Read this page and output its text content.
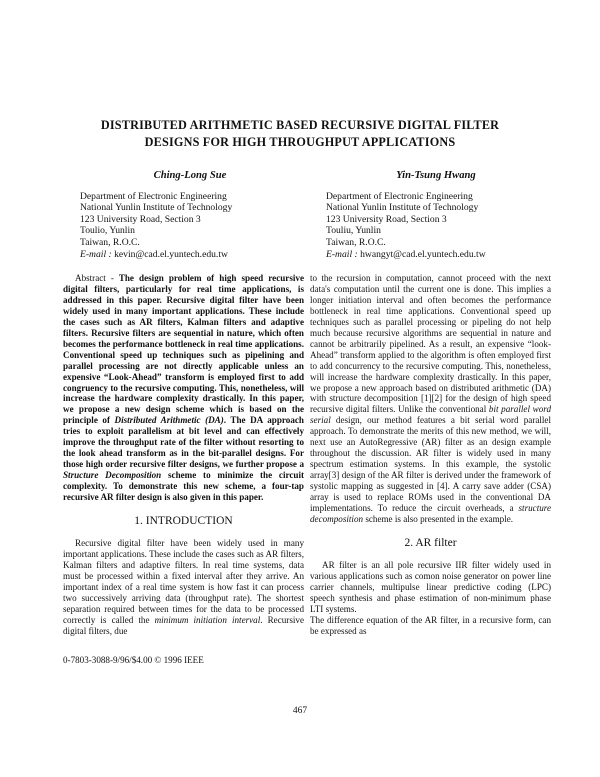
DISTRIBUTED ARITHMETIC BASED RECURSIVE DIGITAL FILTER
DESIGNS FOR HIGH THROUGHPUT APPLICATIONS
Ching-Long Sue
Department of Electronic Engineering
National Yunlin Institute of Technology
123 University Road, Section 3
Toulio, Yunlin
Taiwan, R.O.C.
E-mail : kevin@cad.el.yuntech.edu.tw
Yin-Tsung Hwang
Department of Electronic Engineering
National Yunlin Institute of Technology
123 University Road, Section 3
Touliu, Yunlin
Taiwan, R.O.C.
E-mail : hwangyt@cad.el.yuntech.edu.tw

Abstract - The design problem of high speed recursive digital filters, particularly for real time applications, is addressed in this paper. Recursive digital filter have been widely used in many important applications. These include the cases such as AR filters, Kalman filters and adaptive filters. Recursive filters are sequential in nature, which often becomes the performance bottleneck in real time applications. Conventional speed up techniques such as pipelining and parallel processing are not directly applicable unless an expensive “Look-Ahead” transform is employed first to add congruency to the recursive computing. This, nonetheless, will increase the hardware complexity drastically. In this paper, we propose a new design scheme which is based on the principle of Distributed Arithmetic (DA). The DA approach tries to exploit parallelism at bit level and can effectively improve the throughput rate of the filter without resorting to the look ahead transform as in the bit-parallel designs. For those high order recursive filter designs, we further propose a Structure Decomposition scheme to minimize the circuit complexity. To demonstrate this new scheme, a four-tap recursive AR filter design is also given in this paper.

1. INTRODUCTION

Recursive digital filter have been widely used in many important applications. These include the cases such as AR filters, Kalman filters and adaptive filters. In real time systems, data must be processed within a fixed interval after they arrive. An important index of a real time system is how fast it can process two successively arriving data (throughput rate). The shortest separation required between times for the data to be processed correctly is called the minimum initiation interval. Recursive digital filters, due

to the recursion in computation, cannot proceed with the next data's computation until the current one is done. This implies a longer initiation interval and often becomes the performance bottleneck in real time applications. Conventional speed up techniques such as parallel processing or pipeling do not help much because recursive algorithms are sequential in nature and cannot be arbitrarily pipelined. As a result, an expensive “look-Ahead” transform applied to the algorithm is often employed first to add concurrency to the recursive computing. This, nonetheless, will increase the hardware complexity drastically. In this paper, we propose a new approach based on distributed arithmetic (DA) with structure decomposition [1][2] for the design of high speed recursive digital filters. Unlike the conventional bit parallel word serial design, our method features a bit serial word parallel approach. To demonstrate the merits of this new method, we will, next use an AutoRegressive (AR) filter as an design example throughout the discussion. AR filter is widely used in many spectrum estimation systems. In this example, the systolic array[3] design of the AR filter is derived under the framework of systolic mapping as suggested in [4]. A carry save adder (CSA) array is used to replace ROMs used in the conventional DA implementations. To reduce the circuit overheads, a structure decomposition scheme is also presented in the example.

2. AR filter

AR filter is an all pole recursive IIR filter widely used in various applications such as comon noise generator on power line carrier channels, multipulse linear predictive coding (LPC) speech synthesis and phase estimation of non-minimum phase LTI systems.

The difference equation of the AR filter, in a recursive form, can be expressed as

0-7803-3088-9/96/$4.00 © 1996 IEEE
467
